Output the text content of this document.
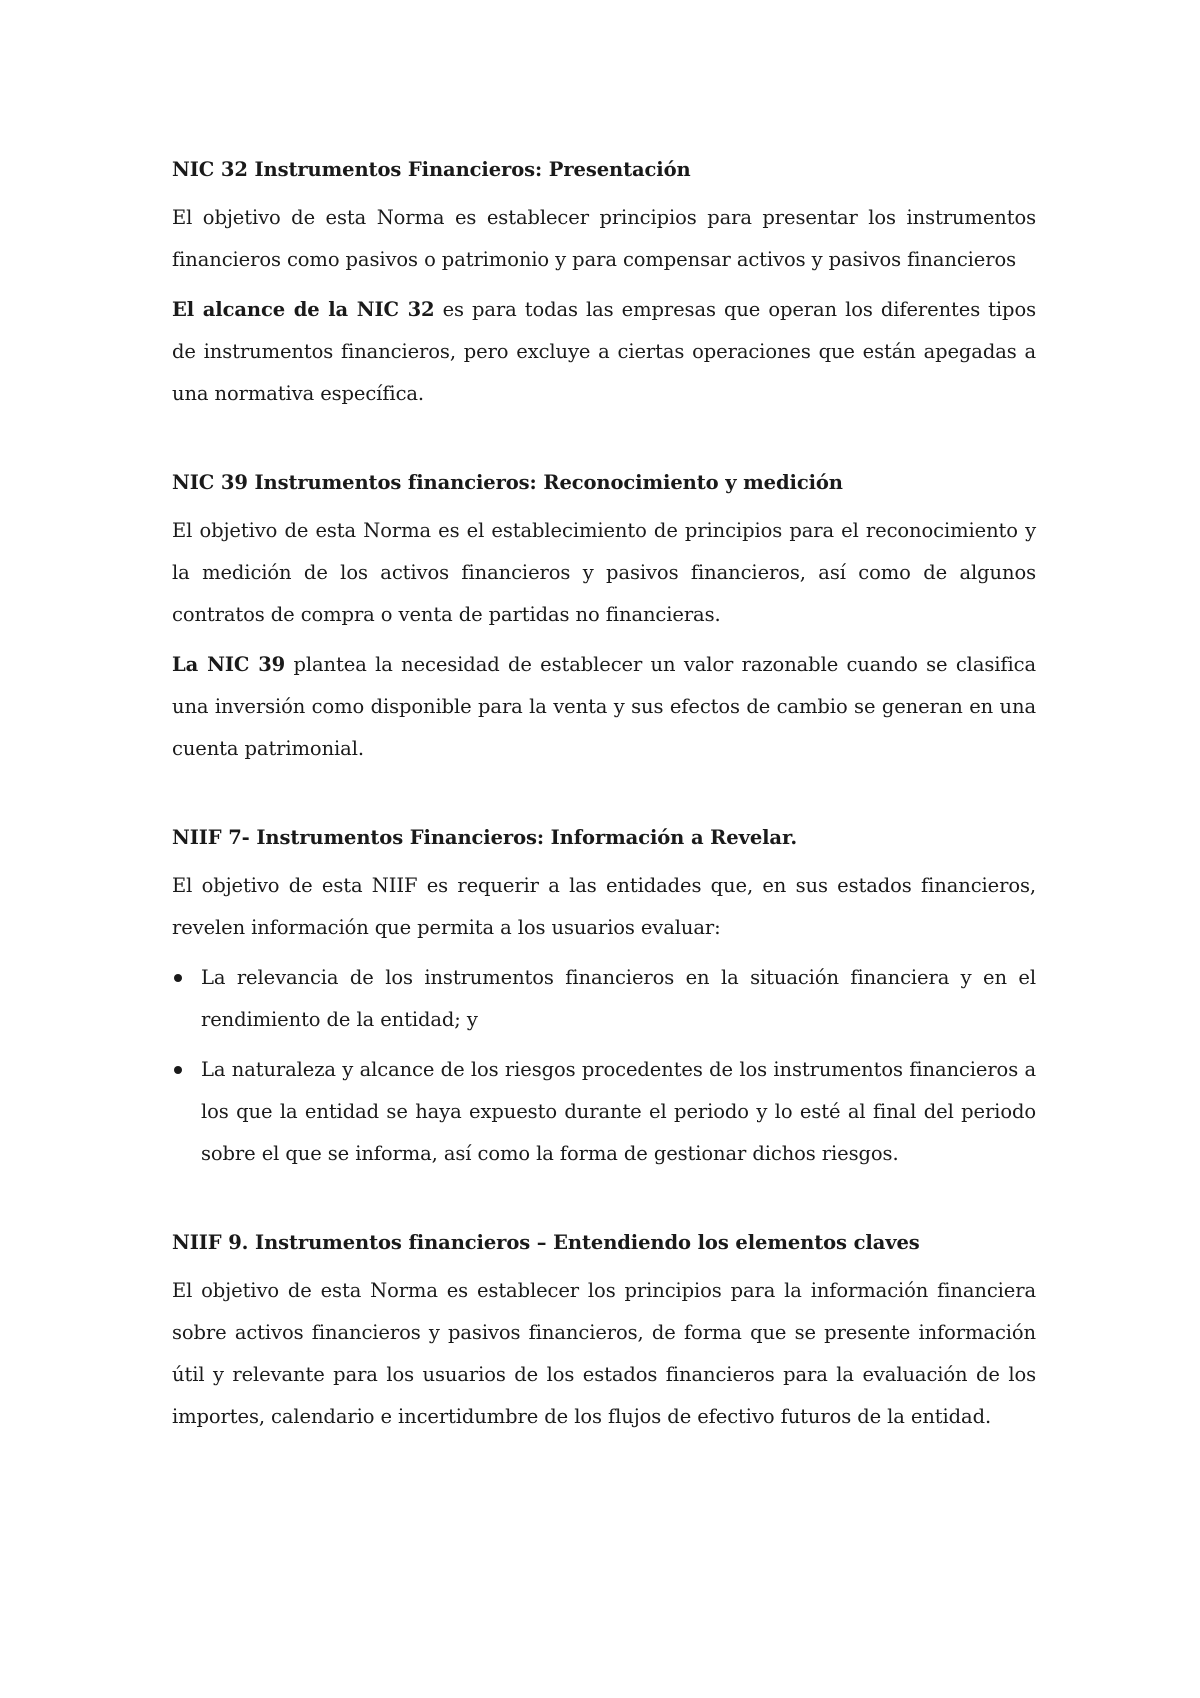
NIC 32 Instrumentos Financieros: Presentación

El objetivo de esta Norma es establecer principios para presentar los instrumentos financieros como pasivos o patrimonio y para compensar activos y pasivos financieros

El alcance de la NIC 32 es para todas las empresas que operan los diferentes tipos de instrumentos financieros, pero excluye a ciertas operaciones que están apegadas a una normativa específica.

NIC 39 Instrumentos financieros: Reconocimiento y medición

El objetivo de esta Norma es el establecimiento de principios para el reconocimiento y la medición de los activos financieros y pasivos financieros, así como de algunos contratos de compra o venta de partidas no financieras.

La NIC 39 plantea la necesidad de establecer un valor razonable cuando se clasifica una inversión como disponible para la venta y sus efectos de cambio se generan en una cuenta patrimonial.

NIIF 7- Instrumentos Financieros: Información a Revelar.

El objetivo de esta NIIF es requerir a las entidades que, en sus estados financieros, revelen información que permita a los usuarios evaluar:

La relevancia de los instrumentos financieros en la situación financiera y en el rendimiento de la entidad; y
La naturaleza y alcance de los riesgos procedentes de los instrumentos financieros a los que la entidad se haya expuesto durante el periodo y lo esté al final del periodo sobre el que se informa, así como la forma de gestionar dichos riesgos.

NIIF 9. Instrumentos financieros – Entendiendo los elementos claves

El objetivo de esta Norma es establecer los principios para la información financiera sobre activos financieros y pasivos financieros, de forma que se presente información útil y relevante para los usuarios de los estados financieros para la evaluación de los importes, calendario e incertidumbre de los flujos de efectivo futuros de la entidad.
